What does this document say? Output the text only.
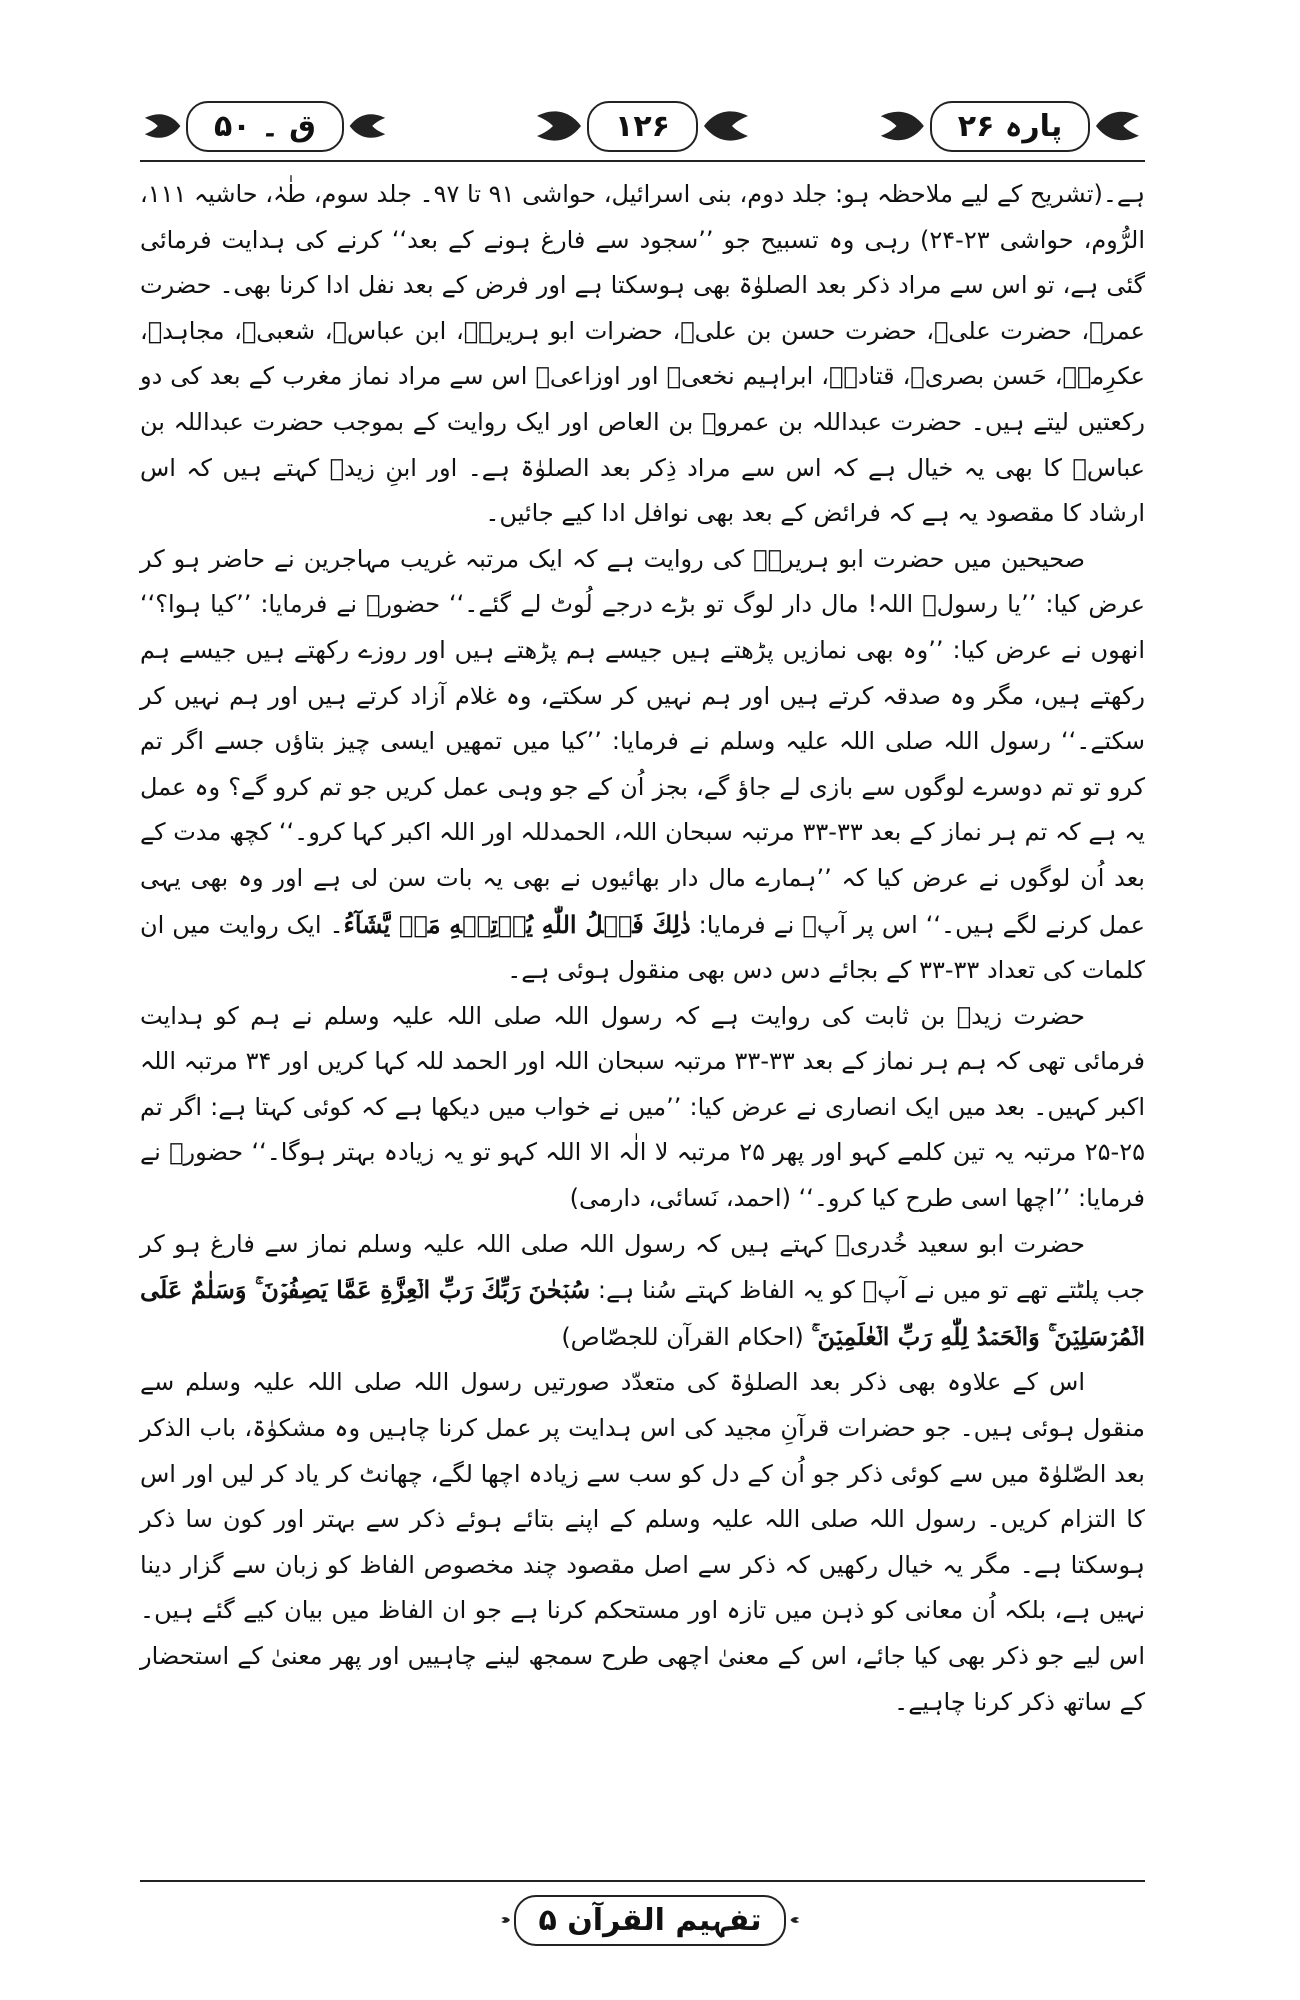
ق ۔ ۵۰	۱۲۶	پارہ ۲۶

ہے۔(تشریح کے لیے ملاحظہ ہو: جلد دوم، بنی اسرائیل، حواشی ۹۱ تا ۹۷۔ جلد سوم، طٰہٰ، حاشیہ ۱۱۱، الرُّوم، حواشی ۲۳-۲۴) رہی وہ تسبیح جو ’’سجود سے فارغ ہونے کے بعد‘‘ کرنے کی ہدایت فرمائی گئی ہے، تو اس سے مراد ذکر بعد الصلوٰۃ بھی ہوسکتا ہے اور فرض کے بعد نفل ادا کرنا بھی۔ حضرت عمرؓ، حضرت علیؓ، حضرت حسن بن علیؓ، حضرات ابو ہریرہؓ، ابن عباسؓ، شعبیؒ، مجاہدؒ، عکرِمہؒ، حَسن بصریؒ، قتادہؒ، ابراہیم نخعیؒ اور اوزاعیؒ اس سے مراد نماز مغرب کے بعد کی دو رکعتیں لیتے ہیں۔ حضرت عبداللہ بن عمروؓ بن العاص اور ایک روایت کے بموجب حضرت عبداللہ بن عباسؓ کا بھی یہ خیال ہے کہ اس سے مراد ذِکر بعد الصلوٰۃ ہے۔ اور ابنِ زیدؒ کہتے ہیں کہ اس ارشاد کا مقصود یہ ہے کہ فرائض کے بعد بھی نوافل ادا کیے جائیں۔

صحیحین میں حضرت ابو ہریرہؓ کی روایت ہے کہ ایک مرتبہ غریب مہاجرین نے حاضر ہو کر عرض کیا: ’’یا رسولؐ اللہ! مال دار لوگ تو بڑے درجے لُوٹ لے گئے۔‘‘ حضورؐ نے فرمایا: ’’کیا ہوا؟‘‘ انھوں نے عرض کیا: ’’وہ بھی نمازیں پڑھتے ہیں جیسے ہم پڑھتے ہیں اور روزے رکھتے ہیں جیسے ہم رکھتے ہیں، مگر وہ صدقہ کرتے ہیں اور ہم نہیں کر سکتے، وہ غلام آزاد کرتے ہیں اور ہم نہیں کر سکتے۔‘‘ رسول اللہ صلی اللہ علیہ وسلم نے فرمایا: ’’کیا میں تمھیں ایسی چیز بتاؤں جسے اگر تم کرو تو تم دوسرے لوگوں سے بازی لے جاؤ گے، بجز اُن کے جو وہی عمل کریں جو تم کرو گے؟ وہ عمل یہ ہے کہ تم ہر نماز کے بعد ۳۳-۳۳ مرتبہ سبحان اللہ، الحمدللہ اور اللہ اکبر کہا کرو۔‘‘ کچھ مدت کے بعد اُن لوگوں نے عرض کیا کہ ’’ہمارے مال دار بھائیوں نے بھی یہ بات سن لی ہے اور وہ بھی یہی عمل کرنے لگے ہیں۔‘‘ اس پر آپؐ نے فرمایا: ذٰلِكَ فَضۡلُ اللّٰهِ يُؤۡتِيۡهِ مَنۡ يَّشَآءُ۔ ایک روایت میں ان کلمات کی تعداد ۳۳-۳۳ کے بجائے دس دس بھی منقول ہوئی ہے۔

حضرت زیدؓ بن ثابت کی روایت ہے کہ رسول اللہ صلی اللہ علیہ وسلم نے ہم کو ہدایت فرمائی تھی کہ ہم ہر نماز کے بعد ۳۳-۳۳ مرتبہ سبحان اللہ اور الحمد للہ کہا کریں اور ۳۴ مرتبہ اللہ اکبر کہیں۔ بعد میں ایک انصاری نے عرض کیا: ’’میں نے خواب میں دیکھا ہے کہ کوئی کہتا ہے: اگر تم ۲۵-۲۵ مرتبہ یہ تین کلمے کہو اور پھر ۲۵ مرتبہ لا الٰہ الا اللہ کہو تو یہ زیادہ بہتر ہوگا۔‘‘ حضورؐ نے فرمایا: ’’اچھا اسی طرح کیا کرو۔‘‘ (احمد، نَسائی، دارمی)

حضرت ابو سعید خُدریؓ کہتے ہیں کہ رسول اللہ صلی اللہ علیہ وسلم نماز سے فارغ ہو کر جب پلٹتے تھے تو میں نے آپؐ کو یہ الفاظ کہتے سُنا ہے: سُبۡحٰنَ رَبِّكَ رَبِّ الۡعِزَّةِ عَمَّا يَصِفُوۡنَ ۚ وَسَلٰمٌ عَلَى الۡمُرۡسَلِيۡنَ ۚ وَالۡحَمۡدُ لِلّٰهِ رَبِّ الۡعٰلَمِيۡنَ ۚ (احکام القرآن للجصّاص)

اس کے علاوہ بھی ذکر بعد الصلوٰۃ کی متعدّد صورتیں رسول اللہ صلی اللہ علیہ وسلم سے منقول ہوئی ہیں۔ جو حضرات قرآنِ مجید کی اس ہدایت پر عمل کرنا چاہیں وہ مشکوٰۃ، باب الذکر بعد الصّلوٰۃ میں سے کوئی ذکر جو اُن کے دل کو سب سے زیادہ اچھا لگے، چھانٹ کر یاد کر لیں اور اس کا التزام کریں۔ رسول اللہ صلی اللہ علیہ وسلم کے اپنے بتائے ہوئے ذکر سے بہتر اور کون سا ذکر ہوسکتا ہے۔ مگر یہ خیال رکھیں کہ ذکر سے اصل مقصود چند مخصوص الفاظ کو زبان سے گزار دینا نہیں ہے، بلکہ اُن معانی کو ذہن میں تازہ اور مستحکم کرنا ہے جو ان الفاظ میں بیان کیے گئے ہیں۔ اس لیے جو ذکر بھی کیا جائے، اس کے معنیٰ اچھی طرح سمجھ لینے چاہییں اور پھر معنیٰ کے استحضار کے ساتھ ذکر کرنا چاہیے۔

تفہیم القرآن ۵
